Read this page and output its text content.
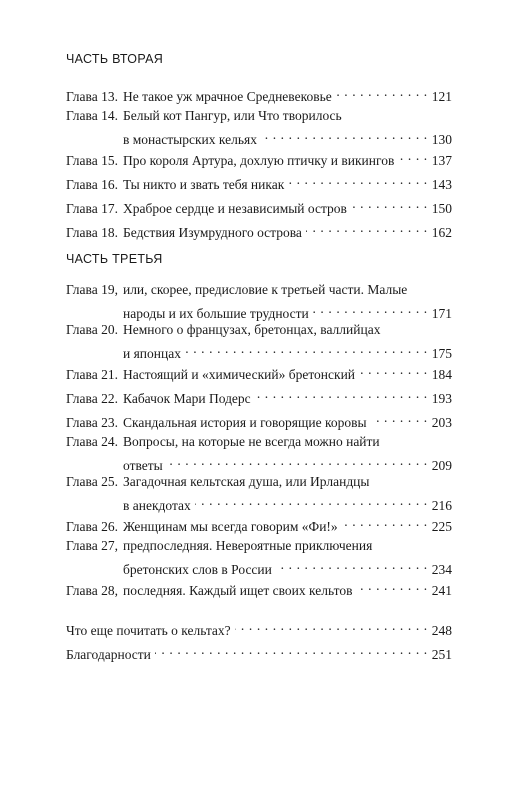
ЧАСТЬ ВТОРАЯ
Глава 13. Не такое уж мрачное Средневековье . . .	121
Глава 14. Белый кот Пангур, или Что творилось
в монастырских кельях . . .	130
Глава 15. Про короля Артура, дохлую птичку и викингов . . .	137
Глава 16. Ты никто и звать тебя никак . . .	143
Глава 17. Храброе сердце и независимый остров . . .	150
Глава 18. Бедствия Изумрудного острова . . .	162
ЧАСТЬ ТРЕТЬЯ
Глава 19, или, скорее, предисловие к третьей части. Малые
народы и их большие трудности . . .	171
Глава 20. Немного о французах, бретонцах, валлийцах
и японцах . . .	175
Глава 21. Настоящий и «химический» бретонский . . .	184
Глава 22. Кабачок Мари Подерс . . .	193
Глава 23. Скандальная история и говорящие коровы . . .	203
Глава 24. Вопросы, на которые не всегда можно найти
ответы . . .	209
Глава 25. Загадочная кельтская душа, или Ирландцы
в анекдотах . . .	216
Глава 26. Женщинам мы всегда говорим «Фи!» . . .	225
Глава 27, предпоследняя. Невероятные приключения
бретонских слов в России . . .	234
Глава 28, последняя. Каждый ищет своих кельтов . . .	241
Что еще почитать о кельтах? . . .	248
Благодарности . . .	251
